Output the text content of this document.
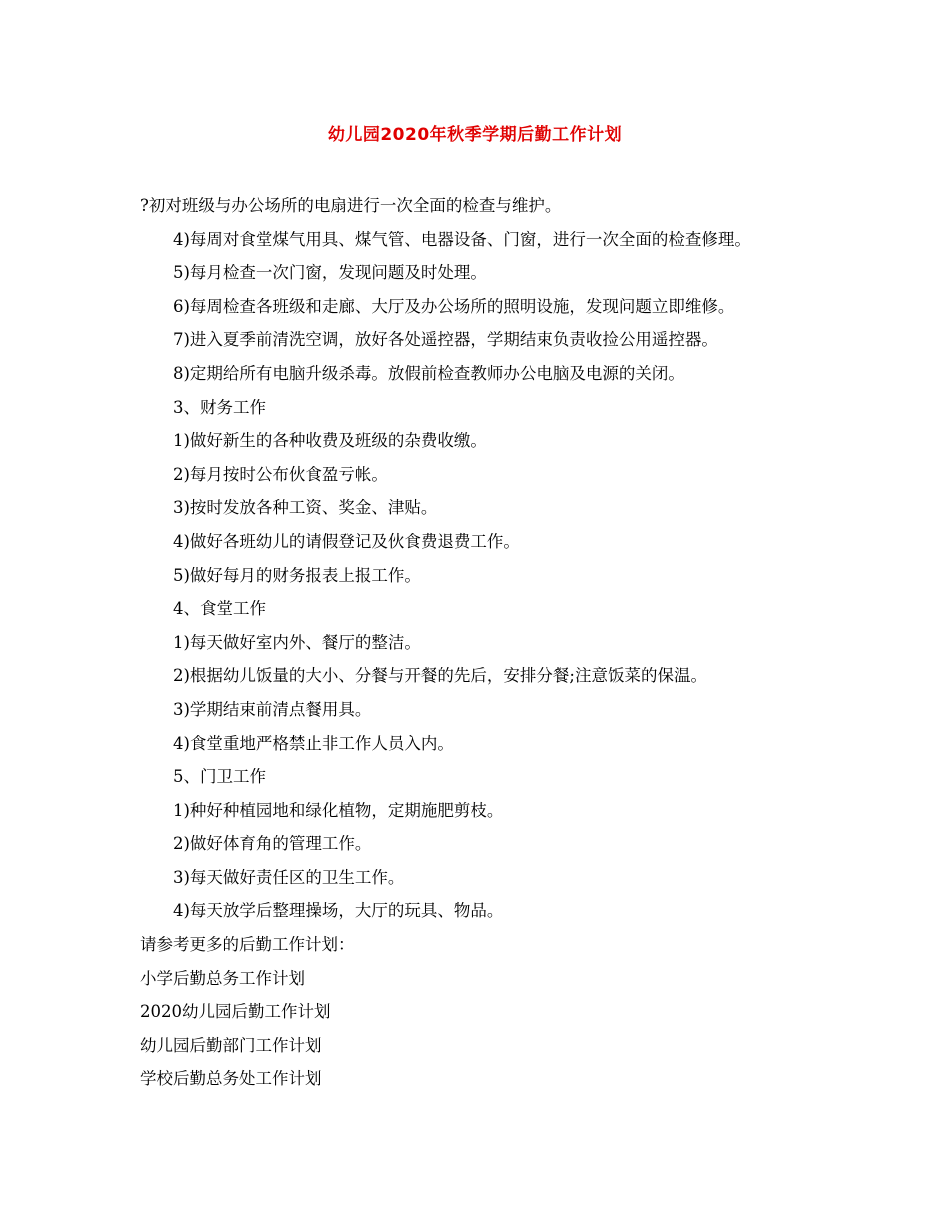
幼儿园2020年秋季学期后勤工作计划
?初对班级与办公场所的电扇进行一次全面的检查与维护。
4)每周对食堂煤气用具、煤气管、电器设备、门窗，进行一次全面的检查修理。
5)每月检查一次门窗，发现问题及时处理。
6)每周检查各班级和走廊、大厅及办公场所的照明设施，发现问题立即维修。
7)进入夏季前清洗空调，放好各处遥控器，学期结束负责收捡公用遥控器。
8)定期给所有电脑升级杀毒。放假前检查教师办公电脑及电源的关闭。
3、财务工作
1)做好新生的各种收费及班级的杂费收缴。
2)每月按时公布伙食盈亏帐。
3)按时发放各种工资、奖金、津贴。
4)做好各班幼儿的请假登记及伙食费退费工作。
5)做好每月的财务报表上报工作。
4、食堂工作
1)每天做好室内外、餐厅的整洁。
2)根据幼儿饭量的大小、分餐与开餐的先后，安排分餐;注意饭菜的保温。
3)学期结束前清点餐用具。
4)食堂重地严格禁止非工作人员入内。
5、门卫工作
1)种好种植园地和绿化植物，定期施肥剪枝。
2)做好体育角的管理工作。
3)每天做好责任区的卫生工作。
4)每天放学后整理操场，大厅的玩具、物品。
请参考更多的后勤工作计划：
小学后勤总务工作计划
2020幼儿园后勤工作计划
幼儿园后勤部门工作计划
学校后勤总务处工作计划
